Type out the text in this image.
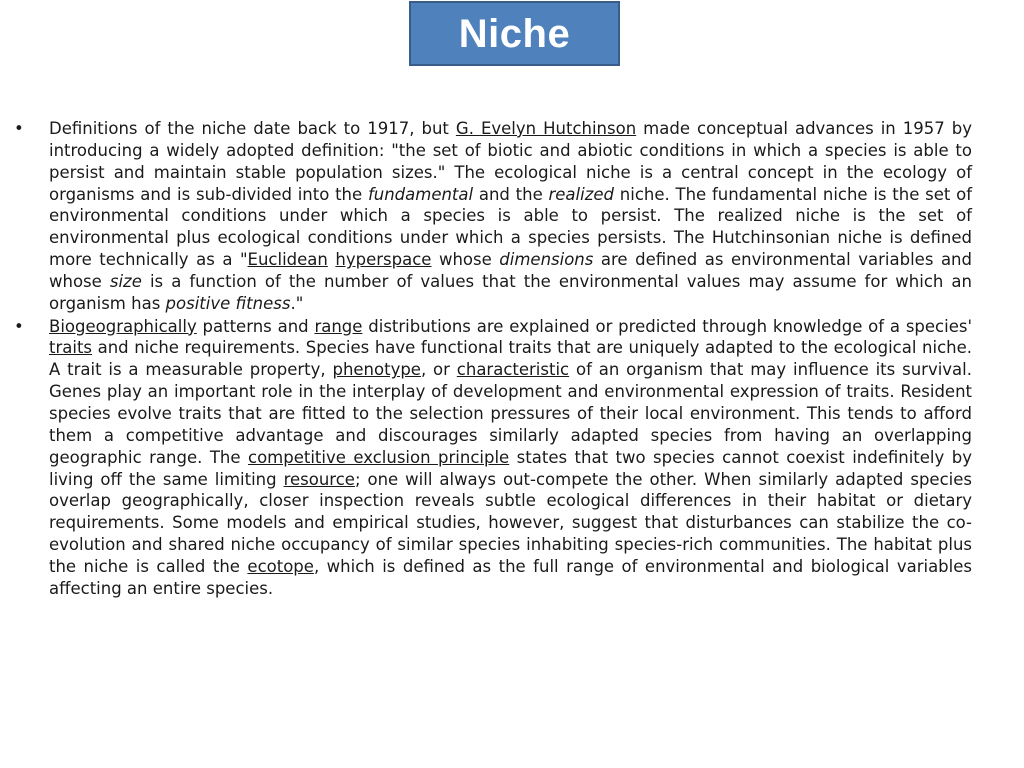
Niche
•	Definitions of the niche date back to 1917, but G. Evelyn Hutchinson made conceptual advances in 1957 by introducing a widely adopted definition: "the set of biotic and abiotic conditions in which a species is able to persist and maintain stable population sizes." The ecological niche is a central concept in the ecology of organisms and is sub-divided into the fundamental and the realized niche. The fundamental niche is the set of environmental conditions under which a species is able to persist. The realized niche is the set of environmental plus ecological conditions under which a species persists. The Hutchinsonian niche is defined more technically as a "Euclidean hyperspace whose dimensions are defined as environmental variables and whose size is a function of the number of values that the environmental values may assume for which an organism has positive fitness."
•	Biogeographically patterns and range distributions are explained or predicted through knowledge of a species' traits and niche requirements. Species have functional traits that are uniquely adapted to the ecological niche. A trait is a measurable property, phenotype, or characteristic of an organism that may influence its survival. Genes play an important role in the interplay of development and environmental expression of traits. Resident species evolve traits that are fitted to the selection pressures of their local environment. This tends to afford them a competitive advantage and discourages similarly adapted species from having an overlapping geographic range. The competitive exclusion principle states that two species cannot coexist indefinitely by living off the same limiting resource; one will always out-compete the other. When similarly adapted species overlap geographically, closer inspection reveals subtle ecological differences in their habitat or dietary requirements. Some models and empirical studies, however, suggest that disturbances can stabilize the co-evolution and shared niche occupancy of similar species inhabiting species-rich communities. The habitat plus the niche is called the ecotope, which is defined as the full range of environmental and biological variables affecting an entire species.
